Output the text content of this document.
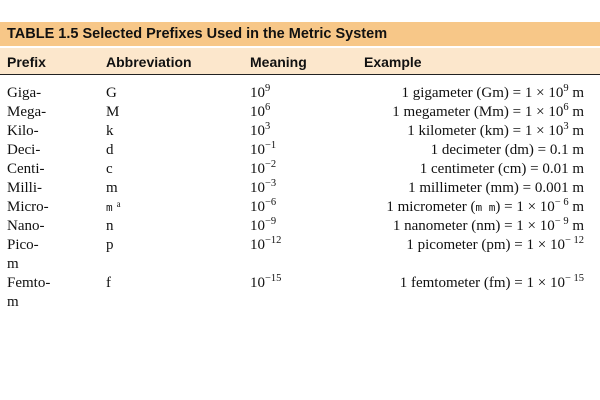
TABLE 1.5 Selected Prefixes Used in the Metric System
Prefix	Abbreviation	Meaning	Example
Giga-	G	$10^9$	1 gigameter $(Gm) = 1 \times 10^9$ m
Mega-	M	$10^6$	1 megameter $(Mm) = 1 \times 10^6$ m
Kilo-	k	$10^3$	1 kilometer $(km) = 1 \times 10^3$ m
Deci-	d	$10^{-1}$	1 decimeter (dm) = 0.1 m
Centi-	c	$10^{-2}$	1 centimeter (cm) = 0.01 m
Milli-	m	$10^{-3}$	1 millimeter (mm) = 0.001 m
Micro-	m $^a$	$10^{-6}$	1 micrometer (m $m) = 1 \times 10^{- 6}$ m
Nano-	n	$10^{-9}$	1 nanometer $(nm) = 1 \times 10^{- 9}$ m
Pico-	p	$10^{-12}$	1 picometer $(pm) = 1 \times 10^{- 12}$
m
Femto-	f	$10^{-15}$	1 femtometer $(fm) = 1 \times 10^{- 15}$
m
